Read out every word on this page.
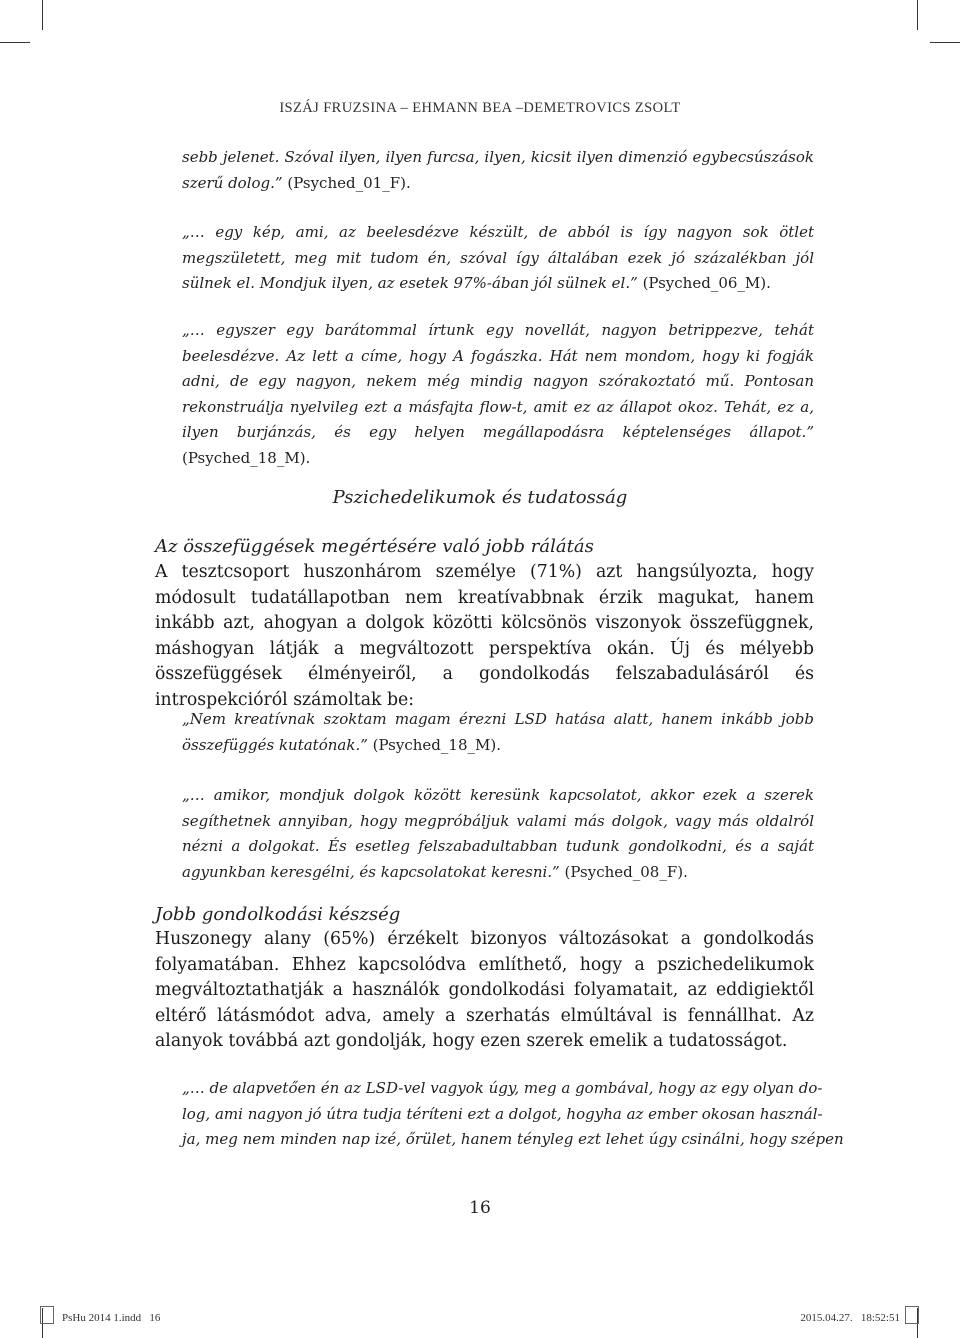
ISZÁJ FRUZSINA – EHMANN BEA –DEMETROVICS ZSOLT
sebb jelenet. Szóval ilyen, ilyen furcsa, ilyen, kicsit ilyen dimenzió egybecsúszások szerű dolog.” (Psyched_01_F).
„… egy kép, ami, az beelesdézve készült, de abból is így nagyon sok ötlet megszületett, meg mit tudom én, szóval így általában ezek jó százalékban jól sülnek el. Mondjuk ilyen, az esetek 97%-ában jól sülnek el.” (Psyched_06_M).
„… egyszer egy barátommal írtunk egy novellát, nagyon betrippezve, tehát beelesdézve. Az lett a címe, hogy A fogászka. Hát nem mondom, hogy ki fogják adni, de egy nagyon, nekem még mindig nagyon szórakoztató mű. Pontosan rekonstruálja nyelvileg ezt a másfajta flow-t, amit ez az állapot okoz. Tehát, ez a, ilyen burjánzás, és egy helyen megállapodásra képtelenséges állapot.” (Psyched_18_M).
Pszichedelikumok és tudatosság
Az összefüggések megértésére való jobb rálátás
A tesztcsoport huszonhárom személye (71%) azt hangsúlyozta, hogy módosult tudatállapotban nem kreatívabbnak érzik magukat, hanem inkább azt, ahogyan a dolgok közötti kölcsönös viszonyok összefüggnek, máshogyan látják a megváltozott perspektíva okán. Új és mélyebb összefüggések élményeiről, a gondolkodás felszabadulásáról és introspekcióról számoltak be:
„Nem kreatívnak szoktam magam érezni LSD hatása alatt, hanem inkább jobb összefüggés kutatónak.” (Psyched_18_M).
„… amikor, mondjuk dolgok között keresünk kapcsolatot, akkor ezek a szerek segíthetnek annyiban, hogy megpróbáljuk valami más dolgok, vagy más oldalról nézni a dolgokat. És esetleg felszabadultabban tudunk gondolkodni, és a saját agyunkban keresgélni, és kapcsolatokat keresni.” (Psyched_08_F).
Jobb gondolkodási készség
Huszonegy alany (65%) érzékelt bizonyos változásokat a gondolkodás folyamatában. Ehhez kapcsolódva említhető, hogy a pszichedelikumok megváltoztathatják a használók gondolkodási folyamatait, az eddigiektől eltérő látásmódot adva, amely a szerhatás elmúltával is fennállhat. Az alanyok továbbá azt gondolják, hogy ezen szerek emelik a tudatosságot.
„… de alapvetően én az LSD-vel vagyok úgy, meg a gombával, hogy az egy olyan do-
log, ami nagyon jó útra tudja téríteni ezt a dolgot, hogyha az ember okosan használ-
ja, meg nem minden nap izé, őrület, hanem tényleg ezt lehet úgy csinálni, hogy szépen
16
PsHu 2014 1.indd   16	2015.04.27.   18:52:51
